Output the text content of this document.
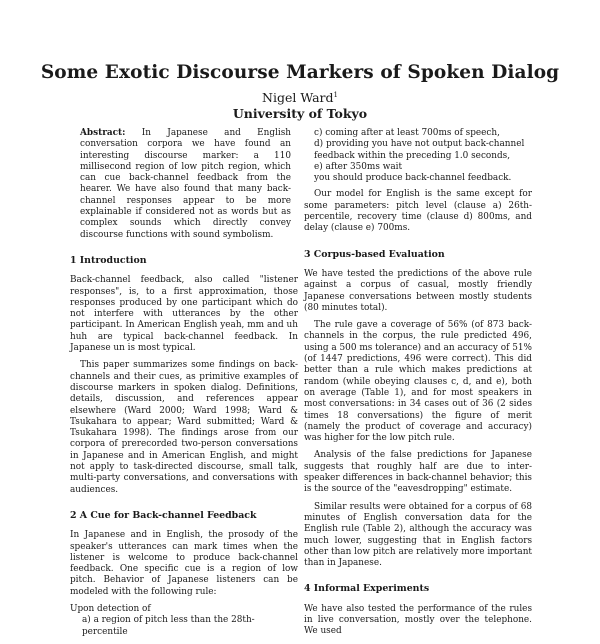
Some Exotic Discourse Markers of Spoken Dialog
Nigel Ward$^1$
University of Tokyo
Abstract: In Japanese and English conversation corpora we have found an interesting discourse marker: a 110 millisecond region of low pitch region, which can cue back-channel feedback from the hearer. We have also found that many back-channel responses appear to be more explainable if considered not as words but as complex sounds which directly convey discourse functions with sound symbolism.
1 Introduction

Back-channel feedback, also called "listener responses", is, to a first approximation, those responses produced by one participant which do not interfere with utterances by the other participant. In American English yeah, mm and uh huh are typical back-channel feedback. In Japanese un is most typical.

This paper summarizes some findings on back-channels and their cues, as primitive examples of discourse markers in spoken dialog. Definitions, details, discussion, and references appear elsewhere (Ward 2000; Ward 1998; Ward & Tsukahara to appear; Ward submitted; Ward & Tsukahara 1998). The findings arose from our corpora of prerecorded two-person conversations in Japanese and in American English, and might not apply to task-directed discourse, small talk, multi-party conversations, and conversations with audiences.

2 A Cue for Back-channel Feedback

In Japanese and in English, the prosody of the speaker's utterances can mark times when the listener is welcome to produce back-channel feedback. One specific cue is a region of low pitch. Behavior of Japanese listeners can be modeled with the following rule:

Upon detection of
a) a region of pitch less than the 28th-percentile
c) coming after at least 700ms of speech,
d) providing you have not output back-channel feedback within the preceding 1.0 seconds,
e) after 350ms wait
you should produce back-channel feedback.

Our model for English is the same except for some parameters: pitch level (clause a) 26th-percentile, recovery time (clause d) 800ms, and delay (clause e) 700ms.

3 Corpus-based Evaluation

We have tested the predictions of the above rule against a corpus of casual, mostly friendly Japanese conversations between mostly students (80 minutes total).

The rule gave a coverage of 56% (of 873 back-channels in the corpus, the rule predicted 496, using a 500 ms tolerance) and an accuracy of 51% (of 1447 predictions, 496 were correct). This did better than a rule which makes predictions at random (while obeying clauses c, d, and e), both on average (Table 1), and for most speakers in most conversations: in 34 cases out of 36 (2 sides times 18 conversations) the figure of merit (namely the product of coverage and accuracy) was higher for the low pitch rule.

Analysis of the false predictions for Japanese suggests that roughly half are due to inter-speaker differences in back-channel behavior; this is the source of the "eavesdropping" estimate.

Similar results were obtained for a corpus of 68 minutes of English conversation data for the English rule (Table 2), although the accuracy was much lower, suggesting that in English factors other than low pitch are relatively more important than in Japanese.

4 Informal Experiments

We have also tested the performance of the rules in live conversation, mostly over the telephone. We used
